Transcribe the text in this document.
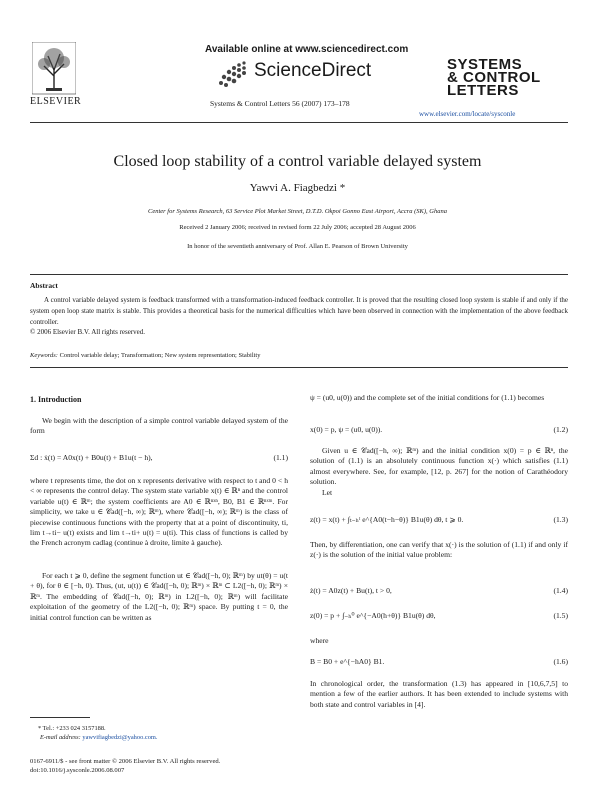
ELSEVIER
Available online at www.sciencedirect.com
ScienceDirect
Systems & Control Letters 56 (2007) 173–178
SYSTEMS
& CONTROL
LETTERS
www.elsevier.com/locate/sysconle
Closed loop stability of a control variable delayed system
Yawvi A. Fiagbedzi *
Center for Systems Research, 63 Service Plot Market Street, D.T.D. Okpoi Gonno East Airport, Accra (SK), Ghana
Received 2 January 2006; received in revised form 22 July 2006; accepted 28 August 2006
In honor of the seventieth anniversary of Prof. Allan E. Pearson of Brown University
Abstract
A control variable delayed system is feedback transformed with a transformation-induced feedback controller. It is proved that the resulting closed loop system is stable if and only if the system open loop state matrix is stable. This provides a theoretical basis for the numerical difficulties which have been observed in connection with the implementation of the above feedback controller.
© 2006 Elsevier B.V. All rights reserved.
Keywords: Control variable delay; Transformation; New system representation; Stability
1. Introduction
We begin with the description of a simple control variable delayed system of the form
Σd : ẋ(t) = A0x(t) + B0u(t) + B1u(t − h),	(1.1)
where t represents time, the dot on x represents derivative with respect to t and 0 < h < ∞ represents the control delay. The system state variable x(t) ∈ ℝⁿ and the control variable u(t) ∈ ℝᵐ; the system coefficients are A0 ∈ ℝⁿˣⁿ, B0, B1 ∈ ℝⁿˣᵐ. For simplicity, we take u ∈ 𝒞ad([−h, ∞); ℝᵐ), where 𝒞ad([−h, ∞); ℝᵐ) is the class of piecewise continuous functions with the property that at a point of discontinuity, ti, lim t→ti− u(t) exists and lim t→ti+ u(t) = u(ti). This class of functions is called by the French acronym cadlag (continue à droite, limite à gauche).
For each t ⩾ 0, define the segment function ut ∈ 𝒞ad([−h, 0); ℝᵐ) by ut(θ) = u(t + θ), for θ ∈ [−h, 0). Thus, (ut, u(t)) ∈ 𝒞ad([−h, 0); ℝᵐ) × ℝᵐ ⊂ L2([−h, 0); ℝᵐ) × ℝᵐ. The embedding of 𝒞ad([−h, 0); ℝᵐ) in L2([−h, 0); ℝᵐ) will facilitate exploitation of the geometry of the L2([−h, 0); ℝᵐ) space. By putting t = 0, the initial control function can be written as
* Tel.: +233 024 3157188.
E-mail address: yawvifiagbedzi@yahoo.com.
0167-6911/$ - see front matter © 2006 Elsevier B.V. All rights reserved.
doi:10.1016/j.sysconle.2006.08.007
ψ = (u0, u(0)) and the complete set of the initial conditions for (1.1) becomes
x(0) = p, ψ = (u0, u(0)).	(1.2)
Given u ∈ 𝒞ad([−h, ∞); ℝᵐ) and the initial condition x(0) = p ∈ ℝⁿ, the solution of (1.1) is an absolutely continuous function x(·) which satisfies (1.1) almost everywhere. See, for example, [12, p. 267] for the notion of Carathéodory solution.
Let
z(t) = x(t) + ∫ₜ₋ₕᵗ e^{A0(t−h−θ)} B1u(θ) dθ, t ⩾ 0.	(1.3)
Then, by differentiation, one can verify that x(·) is the solution of (1.1) if and only if z(·) is the solution of the initial value problem:
ż(t) = A0z(t) + Bu(t), t > 0,	(1.4)
z(0) = p + ∫₋ₕ⁰ e^{−A0(h+θ)} B1u(θ) dθ,	(1.5)
where
B = B0 + e^{−hA0} B1.	(1.6)
In chronological order, the transformation (1.3) has appeared in [10,6,7,5] to mention a few of the earlier authors. It has been extended to include systems with both state and control variables in [4].
